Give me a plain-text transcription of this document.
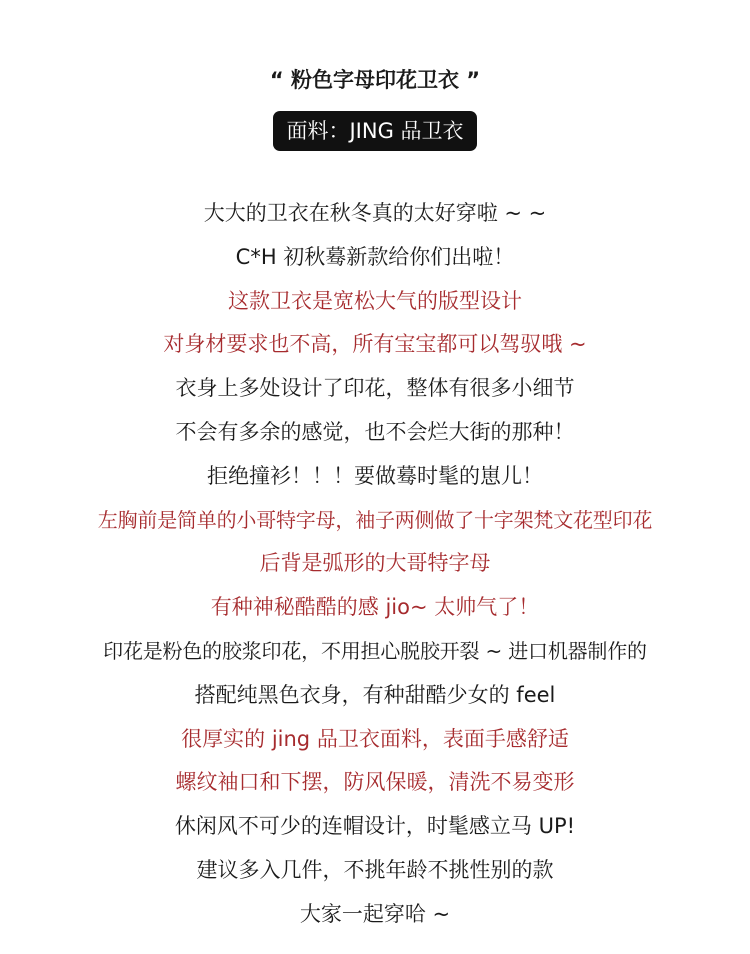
“ 粉色字母印花卫衣 ”
面料：JING 品卫衣
大大的卫衣在秋冬真的太好穿啦 ~ ~
C*H 初秋蓦新款给你们出啦！
这款卫衣是宽松大气的版型设计
对身材要求也不高，所有宝宝都可以驾驭哦 ~
衣身上多处设计了印花，整体有很多小细节
不会有多余的感觉，也不会烂大街的那种！
拒绝撞衫！！！要做蓦时髦的崽儿！
左胸前是简单的小哥特字母，袖子两侧做了十字架梵文花型印花
后背是弧形的大哥特字母
有种神秘酷酷的感 jio~ 太帅气了！
印花是粉色的胶浆印花，不用担心脱胶开裂 ~ 进口机器制作的
搭配纯黑色衣身，有种甜酷少女的 feel
很厚实的 jing 品卫衣面料，表面手感舒适
螺纹袖口和下摆，防风保暖，清洗不易变形
休闲风不可少的连帽设计，时髦感立马 UP!
建议多入几件，不挑年龄不挑性别的款
大家一起穿哈 ~
